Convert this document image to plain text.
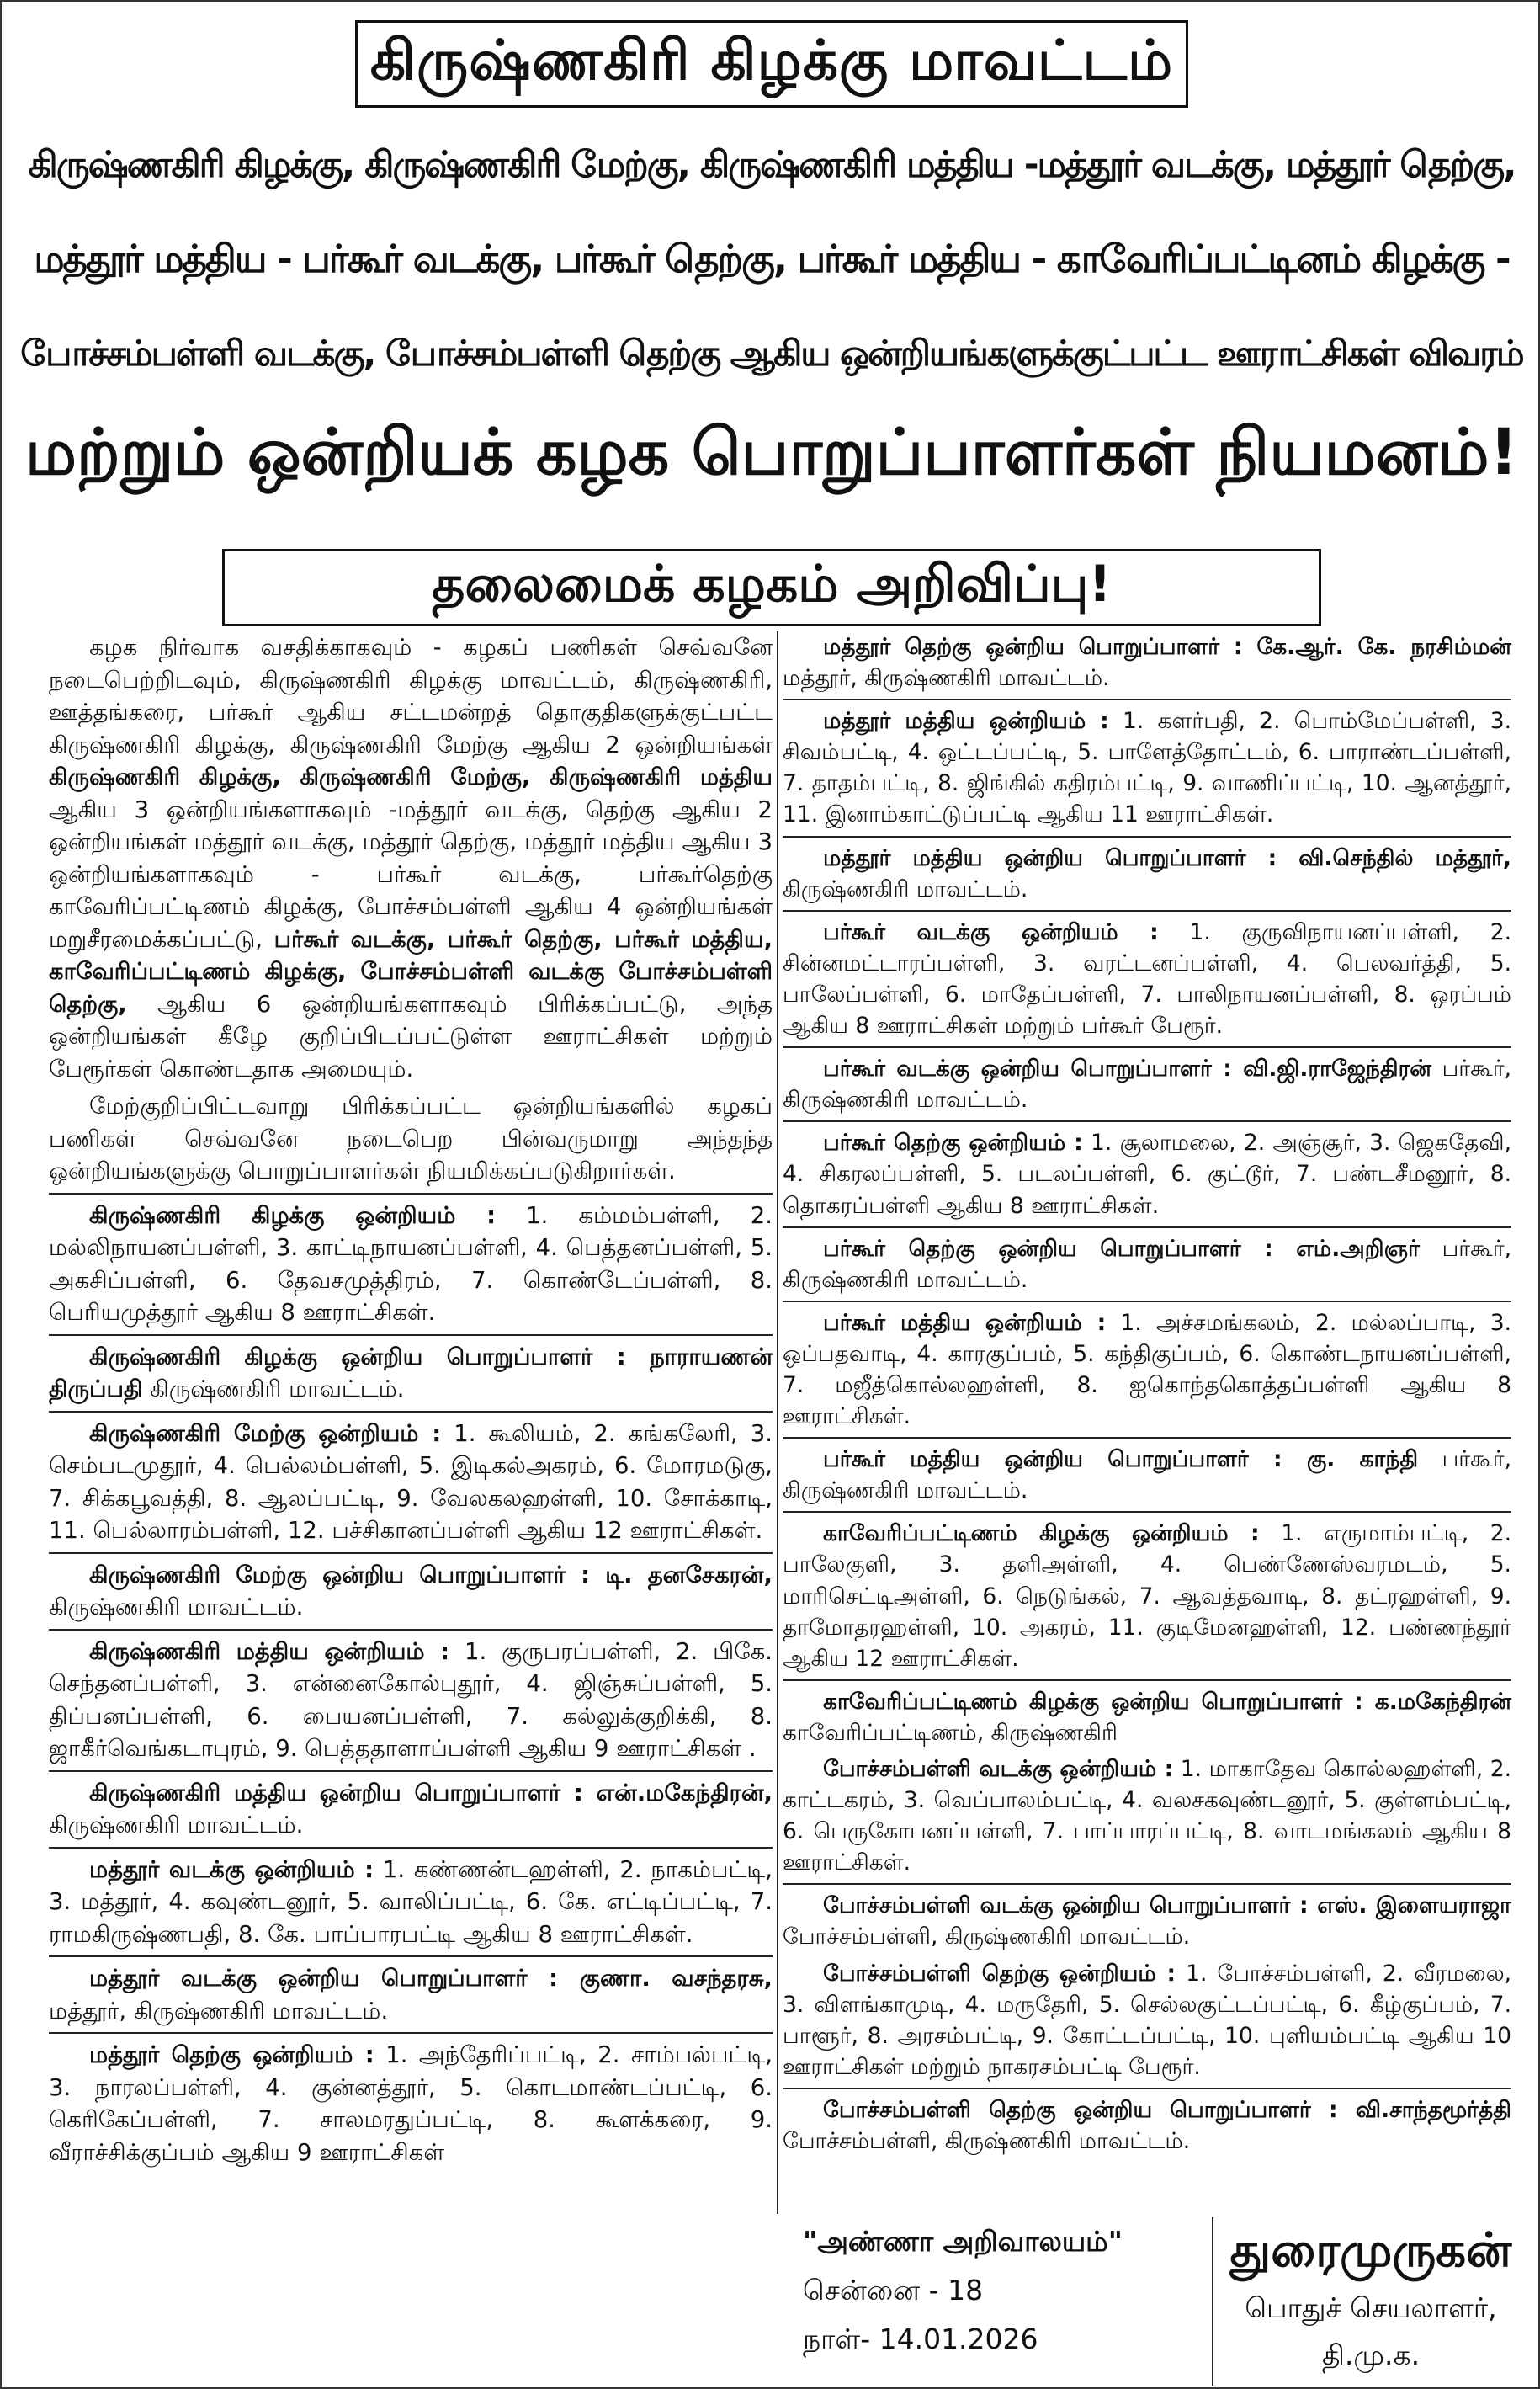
கிருஷ்ணகிரி கிழக்கு மாவட்டம்
கிருஷ்ணகிரி கிழக்கு, கிருஷ்ணகிரி மேற்கு, கிருஷ்ணகிரி மத்திய -மத்தூர் வடக்கு, மத்தூர் தெற்கு,
மத்தூர் மத்திய - பர்கூர் வடக்கு, பர்கூர் தெற்கு, பர்கூர் மத்திய - காவேரிப்பட்டினம் கிழக்கு -
போச்சம்பள்ளி வடக்கு, போச்சம்பள்ளி தெற்கு ஆகிய ஒன்றியங்களுக்குட்பட்ட ஊராட்சிகள் விவரம்
மற்றும் ஒன்றியக் கழக பொறுப்பாளர்கள் நியமனம்!
தலைமைக் கழகம் அறிவிப்பு!

கழக நிர்வாக வசதிக்காகவும் - கழகப் பணிகள் செவ்வனே நடைபெற்றிடவும், கிருஷ்ணகிரி கிழக்கு மாவட்டம், கிருஷ்ணகிரி, ஊத்தங்கரை, பர்கூர் ஆகிய சட்டமன்றத் தொகுதிகளுக்குட்பட்ட கிருஷ்ணகிரி கிழக்கு, கிருஷ்ணகிரி மேற்கு ஆகிய 2 ஒன்றியங்கள் கிருஷ்ணகிரி கிழக்கு, கிருஷ்ணகிரி மேற்கு, கிருஷ்ணகிரி மத்திய ஆகிய 3 ஒன்றியங்களாகவும் -மத்தூர் வடக்கு, தெற்கு ஆகிய 2 ஒன்றியங்கள் மத்தூர் வடக்கு, மத்தூர் தெற்கு, மத்தூர் மத்திய ஆகிய 3 ஒன்றியங்களாகவும் - பர்கூர் வடக்கு, பர்கூர்தெற்கு காவேரிப்பட்டிணம் கிழக்கு, போச்சம்பள்ளி ஆகிய 4 ஒன்றியங்கள் மறுசீரமைக்கப்பட்டு, பர்கூர் வடக்கு, பர்கூர் தெற்கு, பர்கூர் மத்திய, காவேரிப்பட்டிணம் கிழக்கு, போச்சம்பள்ளி வடக்கு போச்சம்பள்ளி தெற்கு, ஆகிய 6 ஒன்றியங்களாகவும் பிரிக்கப்பட்டு, அந்த ஒன்றியங்கள் கீழே குறிப்பிடப்பட்டுள்ள ஊராட்சிகள் மற்றும் பேரூர்கள் கொண்டதாக அமையும்.

மேற்குறிப்பிட்டவாறு பிரிக்கப்பட்ட ஒன்றியங்களில் கழகப் பணிகள் செவ்வனே நடைபெற பின்வருமாறு அந்தந்த ஒன்றியங்களுக்கு பொறுப்பாளர்கள் நியமிக்கப்படுகிறார்கள்.

கிருஷ்ணகிரி கிழக்கு ஒன்றியம் : 1. கம்மம்பள்ளி, 2. மல்லிநாயனப்பள்ளி, 3. காட்டிநாயனப்பள்ளி, 4. பெத்தனப்பள்ளி, 5. அகசிப்பள்ளி, 6. தேவசமுத்திரம், 7. கொண்டேப்பள்ளி, 8. பெரியமுத்தூர் ஆகிய 8 ஊராட்சிகள்.

கிருஷ்ணகிரி கிழக்கு ஒன்றிய பொறுப்பாளர் : நாராயணன் திருப்பதி கிருஷ்ணகிரி மாவட்டம்.

கிருஷ்ணகிரி மேற்கு ஒன்றியம் : 1. கூலியம், 2. கங்கலேரி, 3. செம்படமுதூர், 4. பெல்லம்பள்ளி, 5. இடிகல்அகரம், 6. மோரமடுகு, 7. சிக்கபூவத்தி, 8. ஆலப்பட்டி, 9. வேலகலஹள்ளி, 10. சோக்காடி, 11. பெல்லாரம்பள்ளி, 12. பச்சிகானப்பள்ளி ஆகிய 12 ஊராட்சிகள்.

கிருஷ்ணகிரி மேற்கு ஒன்றிய பொறுப்பாளர் : டி. தனசேகரன், கிருஷ்ணகிரி மாவட்டம்.

கிருஷ்ணகிரி மத்திய ஒன்றியம் : 1. குருபரப்பள்ளி, 2. பிகே. செந்தனப்பள்ளி, 3. என்னைகோல்புதூர், 4. ஜிஞ்சுப்பள்ளி, 5. திப்பனப்பள்ளி, 6. பையனப்பள்ளி, 7. கல்லுக்குறிக்கி, 8. ஜாகீர்வெங்கடாபுரம், 9. பெத்ததாளாப்பள்ளி ஆகிய 9 ஊராட்சிகள் .

கிருஷ்ணகிரி மத்திய ஒன்றிய பொறுப்பாளர் : என்.மகேந்திரன், கிருஷ்ணகிரி மாவட்டம்.

மத்தூர் வடக்கு ஒன்றியம் : 1. கண்ணன்டஹள்ளி, 2. நாகம்பட்டி, 3. மத்தூர், 4. கவுண்டனூர், 5. வாலிப்பட்டி, 6. கே. எட்டிப்பட்டி, 7. ராமகிருஷ்ணபதி, 8. கே. பாப்பாரபட்டி ஆகிய 8 ஊராட்சிகள்.

மத்தூர் வடக்கு ஒன்றிய பொறுப்பாளர் : குணா. வசந்தரசு, மத்தூர், கிருஷ்ணகிரி மாவட்டம்.

மத்தூர் தெற்கு ஒன்றியம் : 1. அந்தேரிப்பட்டி, 2. சாம்பல்பட்டி, 3. நாரலப்பள்ளி, 4. குன்னத்தூர், 5. கொடமாண்டப்பட்டி, 6. கெரிகேப்பள்ளி, 7. சாலமரதுப்பட்டி, 8. கூளக்கரை, 9. வீராச்சிக்குப்பம் ஆகிய 9 ஊராட்சிகள்

மத்தூர் தெற்கு ஒன்றிய பொறுப்பாளர் : கே.ஆர். கே. நரசிம்மன் மத்தூர், கிருஷ்ணகிரி மாவட்டம்.

மத்தூர் மத்திய ஒன்றியம் : 1. களர்பதி, 2. பொம்மேப்பள்ளி, 3. சிவம்பட்டி, 4. ஒட்டப்பட்டி, 5. பாளேத்தோட்டம், 6. பாராண்டப்பள்ளி, 7. தாதம்பட்டி, 8. ஜிங்கில் கதிரம்பட்டி, 9. வாணிப்பட்டி, 10. ஆனத்தூர், 11. இனாம்காட்டுப்பட்டி ஆகிய 11 ஊராட்சிகள்.

மத்தூர் மத்திய ஒன்றிய பொறுப்பாளர் : வி.செந்தில் மத்தூர், கிருஷ்ணகிரி மாவட்டம்.

பர்கூர் வடக்கு ஒன்றியம் : 1. குருவிநாயனப்பள்ளி, 2. சின்னமட்டாரப்பள்ளி, 3. வரட்டனப்பள்ளி, 4. பெலவர்த்தி, 5. பாலேப்பள்ளி, 6. மாதேப்பள்ளி, 7. பாலிநாயனப்பள்ளி, 8. ஒரப்பம் ஆகிய 8 ஊராட்சிகள் மற்றும் பர்கூர் பேரூர்.

பர்கூர் வடக்கு ஒன்றிய பொறுப்பாளர் : வி.ஜி.ராஜேந்திரன் பர்கூர், கிருஷ்ணகிரி மாவட்டம்.

பர்கூர் தெற்கு ஒன்றியம் : 1. சூலாமலை, 2. அஞ்சூர், 3. ஜெகதேவி, 4. சிகரலப்பள்ளி, 5. படலப்பள்ளி, 6. குட்டூர், 7. பண்டசீமனூர், 8. தொகரப்பள்ளி ஆகிய 8 ஊராட்சிகள்.

பர்கூர் தெற்கு ஒன்றிய பொறுப்பாளர் : எம்.அறிஞர் பர்கூர், கிருஷ்ணகிரி மாவட்டம்.

பர்கூர் மத்திய ஒன்றியம் : 1. அச்சமங்கலம், 2. மல்லப்பாடி, 3. ஒப்பதவாடி, 4. காரகுப்பம், 5. கந்திகுப்பம், 6. கொண்டநாயனப்பள்ளி, 7. மஜீத்கொல்லஹள்ளி, 8. ஐகொந்தகொத்தப்பள்ளி ஆகிய 8 ஊராட்சிகள்.

பர்கூர் மத்திய ஒன்றிய பொறுப்பாளர் : கு. காந்தி பர்கூர், கிருஷ்ணகிரி மாவட்டம்.

காவேரிப்பட்டிணம் கிழக்கு ஒன்றியம் : 1. எருமாம்பட்டி, 2. பாலேகுளி, 3. தளிஅள்ளி, 4. பெண்ணேஸ்வரமடம், 5. மாரிசெட்டிஅள்ளி, 6. நெடுங்கல், 7. ஆவத்தவாடி, 8. தட்ரஹள்ளி, 9. தாமோதரஹள்ளி, 10. அகரம், 11. குடிமேனஹள்ளி, 12. பண்ணந்தூர் ஆகிய 12 ஊராட்சிகள்.

காவேரிப்பட்டிணம் கிழக்கு ஒன்றிய பொறுப்பாளர் : க.மகேந்திரன் காவேரிப்பட்டிணம், கிருஷ்ணகிரி

போச்சம்பள்ளி வடக்கு ஒன்றியம் : 1. மாகாதேவ கொல்லஹள்ளி, 2. காட்டகரம், 3. வெப்பாலம்பட்டி, 4. வலசகவுண்டனூர், 5. குள்ளம்பட்டி, 6. பெருகோபனப்பள்ளி, 7. பாப்பாரப்பட்டி, 8. வாடமங்கலம் ஆகிய 8 ஊராட்சிகள்.

போச்சம்பள்ளி வடக்கு ஒன்றிய பொறுப்பாளர் : எஸ். இளையராஜா போச்சம்பள்ளி, கிருஷ்ணகிரி மாவட்டம்.

போச்சம்பள்ளி தெற்கு ஒன்றியம் : 1. போச்சம்பள்ளி, 2. வீரமலை, 3. விளங்காமுடி, 4. மருதேரி, 5. செல்லகுட்டப்பட்டி, 6. கீழ்குப்பம், 7. பாளூர், 8. அரசம்பட்டி, 9. கோட்டப்பட்டி, 10. புளியம்பட்டி ஆகிய 10 ஊராட்சிகள் மற்றும் நாகரசம்பட்டி பேரூர்.

போச்சம்பள்ளி தெற்கு ஒன்றிய பொறுப்பாளர் : வி.சாந்தமூர்த்தி போச்சம்பள்ளி, கிருஷ்ணகிரி மாவட்டம்.

"அண்ணா அறிவாலயம்"
சென்னை - 18
நாள்- 14.01.2026
துரைமுருகன்
பொதுச் செயலாளர்,
தி.மு.க.
